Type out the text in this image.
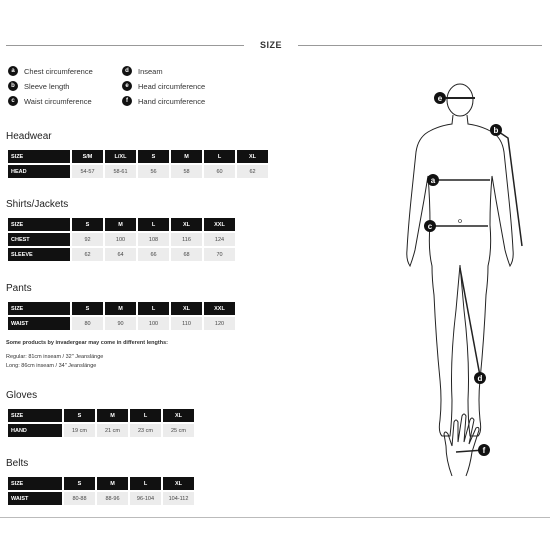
SIZE
a	Chest circumference
b	Sleeve length
c	Waist circumference
d	Inseam
e	Head circumference
f	Hand circumference
Headwear
SIZE	S/M	L/XL	S	M	L	XL
HEAD	54-57	58-61	56	58	60	62
Shirts/Jackets
SIZE	S	M	L	XL	XXL
CHEST	92	100	108	116	124
SLEEVE	62	64	66	68	70
Pants
SIZE	S	M	L	XL	XXL
WAIST	80	90	100	110	120
Some products by invadergear may come in different lengths:
Regular: 81cm inseam / 32" Jeanslänge
Long: 86cm inseam / 34" Jeanslänge
Gloves
SIZE	S	M	L	XL
HAND	19 cm	21 cm	23 cm	25 cm
Belts
SIZE	S	M	L	XL
WAIST	80-88	88-96	96-104	104-112
e
b
a
c
d
f
